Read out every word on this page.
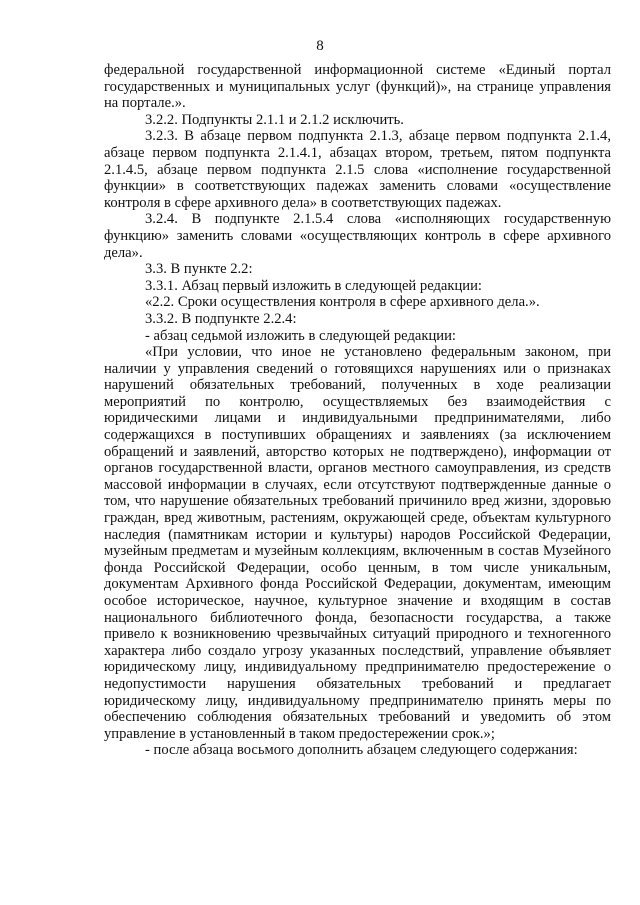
8

федеральной государственной информационной системе «Единый портал государственных и муниципальных услуг (функций)», на странице управления на портале.».

3.2.2. Подпункты 2.1.1 и 2.1.2 исключить.

3.2.3. В абзаце первом подпункта 2.1.3, абзаце первом подпункта 2.1.4, абзаце первом подпункта 2.1.4.1, абзацах втором, третьем, пятом подпункта 2.1.4.5, абзаце первом подпункта 2.1.5 слова «исполнение государственной функции» в соответствующих падежах заменить словами «осуществление контроля в сфере архивного дела» в соответствующих падежах.

3.2.4. В подпункте 2.1.5.4 слова «исполняющих государственную функцию» заменить словами «осуществляющих контроль в сфере архивного дела».

3.3. В пункте 2.2:

3.3.1. Абзац первый изложить в следующей редакции:

«2.2. Сроки осуществления контроля в сфере архивного дела.».

3.3.2. В подпункте 2.2.4:

- абзац седьмой изложить в следующей редакции:

«При условии, что иное не установлено федеральным законом, при наличии у управления сведений о готовящихся нарушениях или о признаках нарушений обязательных требований, полученных в ходе реализации мероприятий по контролю, осуществляемых без взаимодействия с юридическими лицами и индивидуальными предпринимателями, либо содержащихся в поступивших обращениях и заявлениях (за исключением обращений и заявлений, авторство которых не подтверждено), информации от органов государственной власти, органов местного самоуправления, из средств массовой информации в случаях, если отсутствуют подтвержденные данные о том, что нарушение обязательных требований причинило вред жизни, здоровью граждан, вред животным, растениям, окружающей среде, объектам культурного наследия (памятникам истории и культуры) народов Российской Федерации, музейным предметам и музейным коллекциям, включенным в состав Музейного фонда Российской Федерации, особо ценным, в том числе уникальным, документам Архивного фонда Российской Федерации, документам, имеющим особое историческое, научное, культурное значение и входящим в состав национального библиотечного фонда, безопасности государства, а также привело к возникновению чрезвычайных ситуаций природного и техногенного характера либо создало угрозу указанных последствий, управление объявляет юридическому лицу, индивидуальному предпринимателю предостережение о недопустимости нарушения обязательных требований и предлагает юридическому лицу, индивидуальному предпринимателю принять меры по обеспечению соблюдения обязательных требований и уведомить об этом управление в установленный в таком предостережении срок.»;

- после абзаца восьмого дополнить абзацем следующего содержания:
